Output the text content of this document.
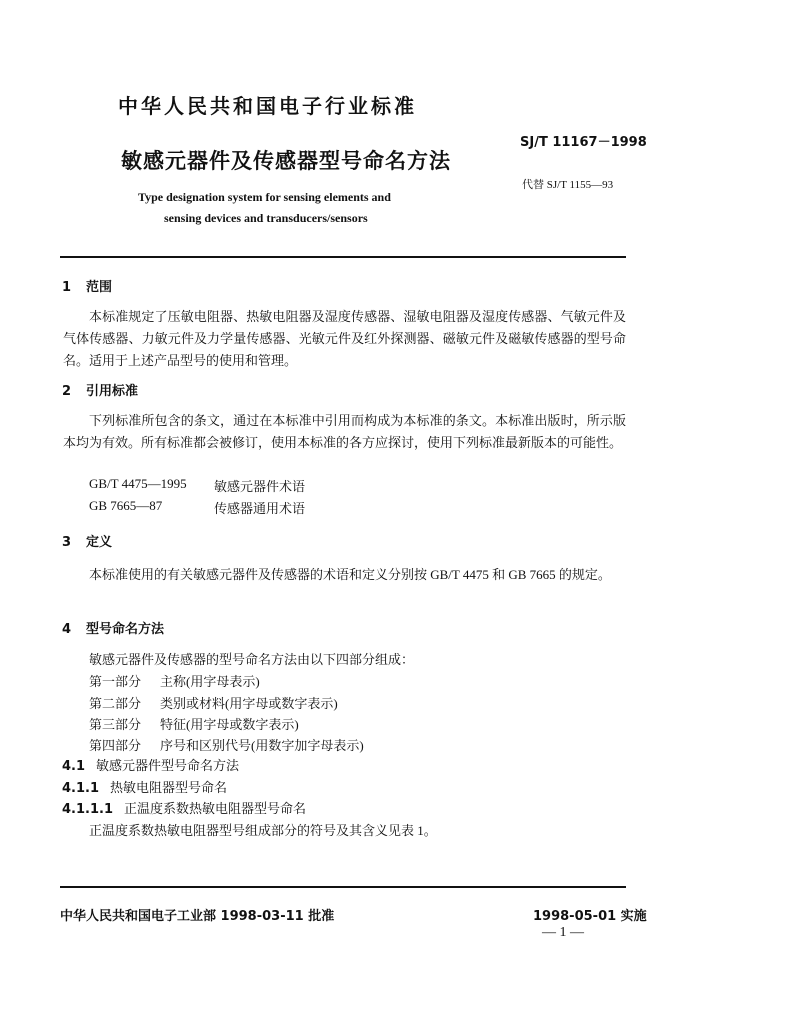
中华人民共和国电子行业标准
SJ/T 11167－1998
敏感元器件及传感器型号命名方法
代替 SJ/T 1155—93
Type designation system for sensing elements and
sensing devices and transducers/sensors
1 范围
本标准规定了压敏电阻器、热敏电阻器及湿度传感器、湿敏电阻器及湿度传感器、气敏元件及气体传感器、力敏元件及力学量传感器、光敏元件及红外探测器、磁敏元件及磁敏传感器的型号命名。适用于上述产品型号的使用和管理。
2 引用标准
下列标准所包含的条文，通过在本标准中引用而构成为本标准的条文。本标准出版时，所示版本均为有效。所有标准都会被修订，使用本标准的各方应探讨，使用下列标准最新版本的可能性。
GB/T 4475—1995 敏感元器件术语
GB 7665—87	传感器通用术语
3 定义
本标准使用的有关敏感元器件及传感器的术语和定义分别按 GB/T 4475 和 GB 7665 的规定。
4 型号命名方法
敏感元器件及传感器的型号命名方法由以下四部分组成：
第一部分 主称(用字母表示)
第二部分 类别或材料(用字母或数字表示)
第三部分 特征(用字母或数字表示)
第四部分 序号和区别代号(用数字加字母表示)
4.1 敏感元器件型号命名方法
4.1.1 热敏电阻器型号命名
4.1.1.1 正温度系数热敏电阻器型号命名
正温度系数热敏电阻器型号组成部分的符号及其含义见表 1。
中华人民共和国电子工业部 1998-03-11 批准	1998-05-01 实施
— 1 —
